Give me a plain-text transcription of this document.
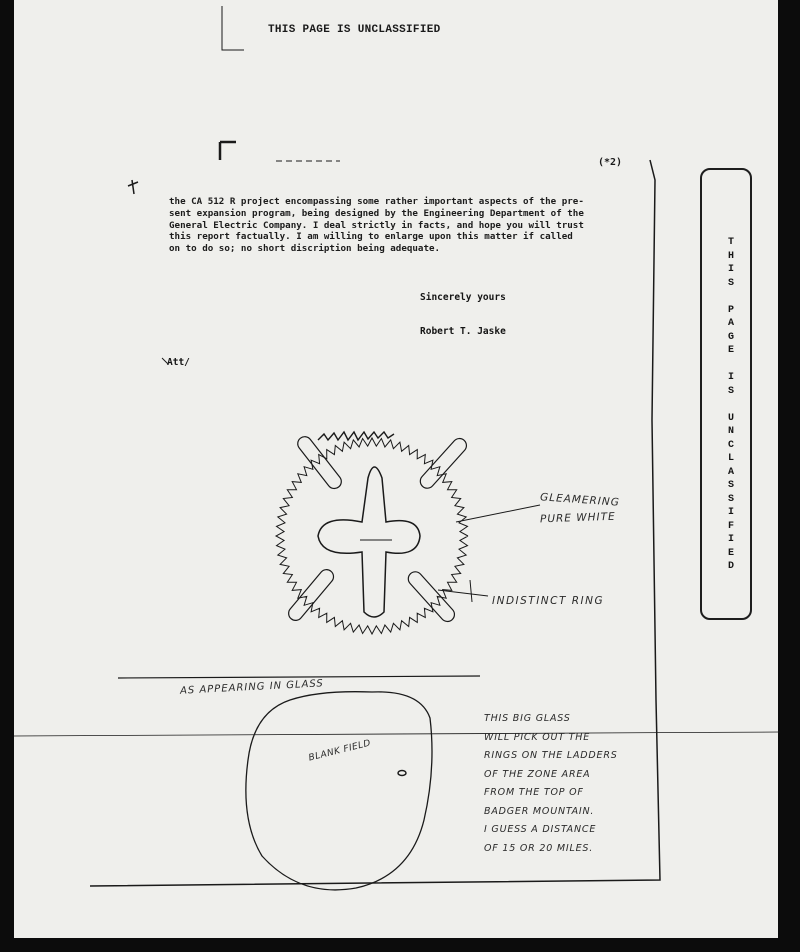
THIS PAGE IS UNCLASSIFIED
(*2)
the CA 512 R project encompassing some rather important aspects of the pre-
sent expansion program, being designed by the Engineering Department of the
General Electric Company. I deal strictly in facts, and hope you will trust
this report factually. I am willing to enlarge upon this matter if called
on to do so; no short discription being adequate.
Sincerely yours
Robert T. Jaske
Att/
T
H
I
S

P
A
G
E

I
S

U
N
C
L
A
S
S
I
F
I
E
D
GLEAMERING
PURE WHITE
INDISTINCT RING
AS APPEARING IN GLASS
BLANK FIELD
THIS BIG GLASS
WILL PICK OUT THE
RINGS ON THE LADDERS
OF THE ZONE AREA
FROM THE TOP OF
BADGER MOUNTAIN.
I GUESS A DISTANCE
OF 15 OR 20 MILES.
